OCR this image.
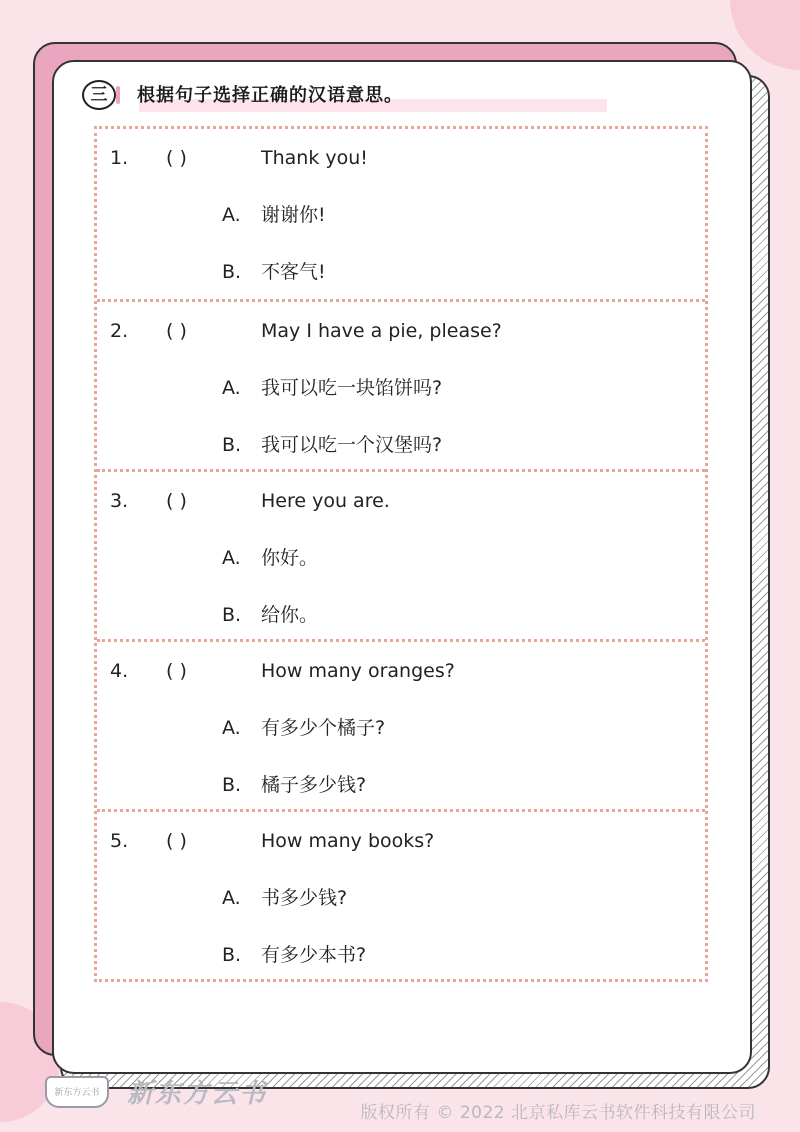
三	根据句子选择正确的汉语意思。
1. ( )	Thank you!
A. 谢谢你!
B. 不客气!
2. ( )	May I have a pie, please?
A. 我可以吃一块馅饼吗?
B. 我可以吃一个汉堡吗?
3. ( )	Here you are.
A. 你好。
B. 给你。
4. ( )	How many oranges?
A. 有多少个橘子?
B. 橘子多少钱?
5. ( )	How many books?
A. 书多少钱?
B. 有多少本书?
新东方云书	新东方云书
版权所有 © 2022 北京私库云书软件科技有限公司
